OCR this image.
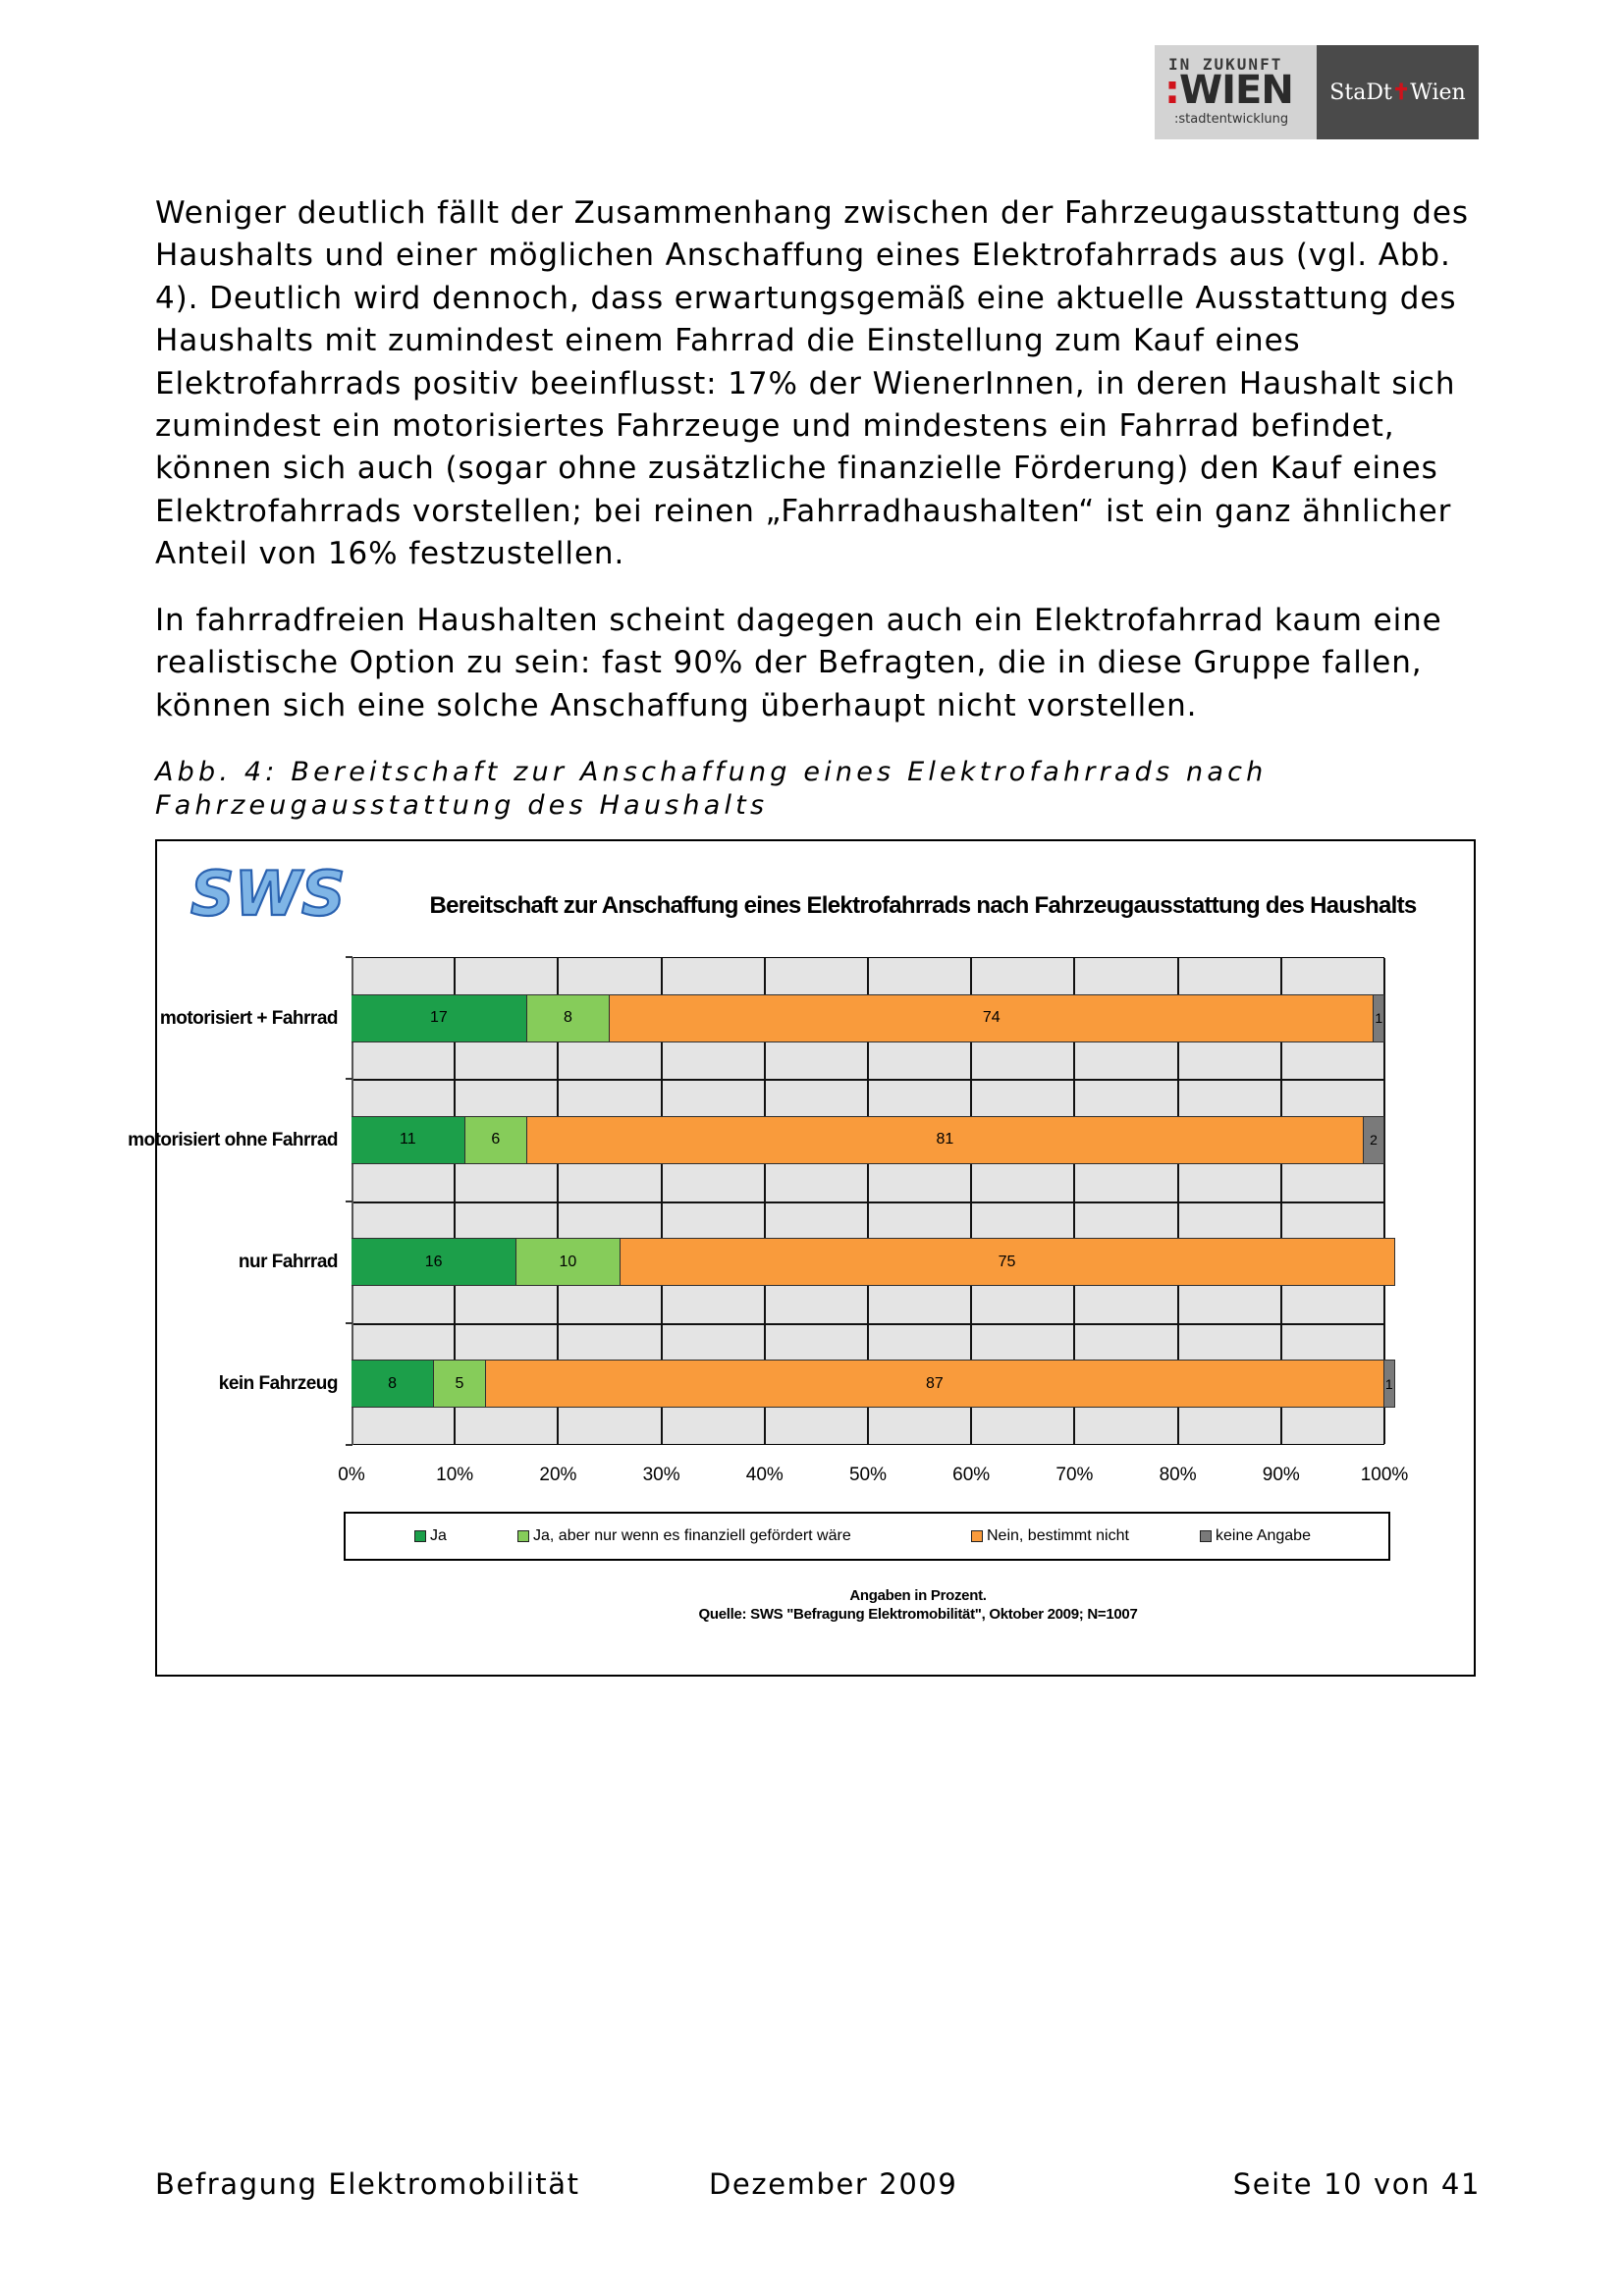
IN ZUKUNFT
:WIEN
:stadtentwicklung
StaDt ✝ Wien

Weniger deutlich fällt der Zusammenhang zwischen der Fahrzeugausstattung des Haushalts und einer möglichen Anschaffung eines Elektrofahrrads aus (vgl. Abb. 4). Deutlich wird dennoch, dass erwartungsgemäß eine aktuelle Ausstattung des Haushalts mit zumindest einem Fahrrad die Einstellung zum Kauf eines Elektrofahrrads positiv beeinflusst: 17% der WienerInnen, in deren Haushalt sich zumindest ein motorisiertes Fahrzeuge und mindestens ein Fahrrad befindet, können sich auch (sogar ohne zusätzliche finanzielle Förderung) den Kauf eines Elektrofahrrads vorstellen; bei reinen „Fahrradhaushalten“ ist ein ganz ähnlicher Anteil von 16% festzustellen.

In fahrradfreien Haushalten scheint dagegen auch ein Elektrofahrrad kaum eine realistische Option zu sein: fast 90% der Befragten, die in diese Gruppe fallen, können sich eine solche Anschaffung überhaupt nicht vorstellen.

Abb. 4: Bereitschaft zur Anschaffung eines Elektrofahrrads nach Fahrzeugausstattung des Haushalts

SWS	Bereitschaft zur Anschaffung eines Elektrofahrrads nach Fahrzeugausstattung des Haushalts
Ja	Ja, aber nur wenn es finanziell gefördert wäre	Nein, bestimmt nicht	keine Angabe
Angaben in Prozent.
Quelle: SWS "Befragung Elektromobilität", Oktober 2009; N=1007
Befragung Elektromobilität	Dezember 2009	Seite 10 von 41
motorisiert + Fahrrad	17	8	74	1
motorisiert ohne Fahrrad	11	6	81	2
nur Fahrrad	16	10	75
kein Fahrzeug	8	5	87	1
0%	10%	20%	30%	40%	50%	60%	70%	80%	90%	100%
